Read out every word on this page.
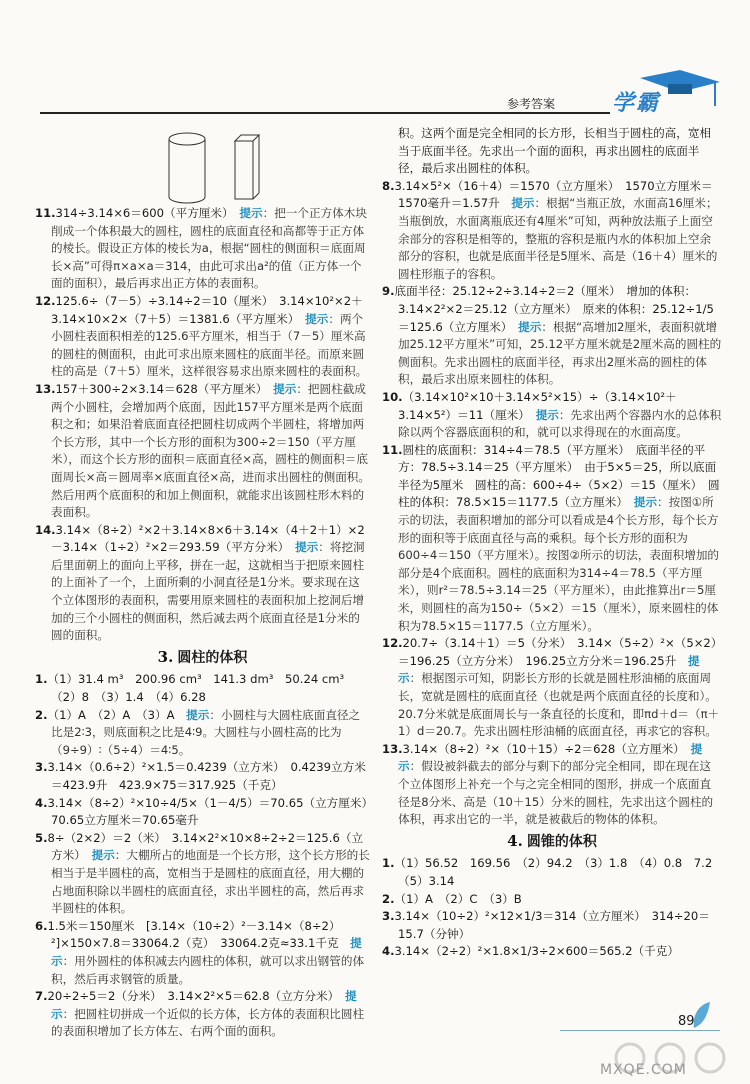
参考答案	学霸

11.314÷3.14×6＝600（平方厘米）　 提示：把一个正方体木块削成一个体积最大的圆柱，圆柱的底面直径和高都等于正方体的棱长。假设正方体的棱长为a，根据“圆柱的侧面积＝底面周长×高”可得π×a×a＝314，由此可求出a²的值（正方体一个面的面积），最后再求出正方体的表面积。

12.125.6÷（7－5）÷3.14÷2＝10（厘米）　3.14×10²×2＋3.14×10×2×（7＋5）＝1381.6（平方厘米）　 提示：两个小圆柱表面积相差的125.6平方厘米，相当于（7－5）厘米高的圆柱的侧面积，由此可求出原来圆柱的底面半径。而原来圆柱的高是（7＋5）厘米，这样很容易求出原来圆柱的表面积。

13.157＋300÷2×3.14＝628（平方厘米）　 提示：把圆柱截成两个小圆柱，会增加两个底面，因此157平方厘米是两个底面积之和；如果沿着底面直径把圆柱切成两个半圆柱，将增加两个长方形，其中一个长方形的面积为300÷2＝150（平方厘米），而这个长方形的面积＝底面直径×高，圆柱的侧面积＝底面周长×高＝圆周率×底面直径×高，进而求出圆柱的侧面积。然后用两个底面积的和加上侧面积，就能求出该圆柱形木料的表面积。

14.3.14×（8÷2）²×2＋3.14×8×6＋3.14×（4＋2＋1）×2－3.14×（1÷2）²×2＝293.59（平方分米）　 提示：将挖洞后里面朝上的面向上平移，拼在一起，这就相当于把原来圆柱的上面补了一个，上面所剩的小洞直径是1分米。要求现在这个立体图形的表面积，需要用原来圆柱的表面积加上挖洞后增加的三个小圆柱的侧面积，然后减去两个底面直径是1分米的圆的面积。

3. 圆柱的体积

1.（1）31.4 m³　200.96 cm³　141.3 dm³　50.24 cm³　（2）8　（3）1.4　（4）6.28

2.（1）A　（2）A　（3）A　 提示：小圆柱与大圆柱底面直径之比是2∶3，则底面积之比是4∶9。大圆柱与小圆柱高的比为（9÷9）∶（5÷4）＝4∶5。

3.3.14×（0.6÷2）²×1.5＝0.4239（立方米）　0.4239立方米＝423.9升　423.9×75＝317.925（千克）

4.3.14×（8÷2）²×10÷4/5×（1－4/5）＝70.65（立方厘米）　70.65立方厘米＝70.65毫升

5.8÷（2×2）＝2（米）　3.14×2²×10×8÷2÷2＝125.6（立方米）　 提示：大棚所占的地面是一个长方形，这个长方形的长相当于是半圆柱的高，宽相当于是圆柱的底面直径，用大棚的占地面积除以半圆柱的底面直径，求出半圆柱的高，然后再求半圆柱的体积。

6.1.5米＝150厘米　[3.14×（10÷2）²－3.14×（8÷2）²]×150×7.8＝33064.2（克）　33064.2克≈33.1千克　 提示：用外圆柱的体积减去内圆柱的体积，就可以求出钢管的体积，然后再求钢管的质量。

7.20÷2÷5＝2（分米）　3.14×2²×5＝62.8（立方分米）　 提示：把圆柱切拼成一个近似的长方体，长方体的表面积比圆柱的表面积增加了长方体左、右两个面的面积。

积。这两个面是完全相同的长方形，长相当于圆柱的高，宽相当于底面半径。先求出一个面的面积，再求出圆柱的底面半径，最后求出圆柱的体积。

8.3.14×5²×（16＋4）＝1570（立方厘米）　1570立方厘米＝1570毫升＝1.57升　 提示：根据“当瓶正放，水面高16厘米；当瓶倒放，水面离瓶底还有4厘米”可知，两种放法瓶子上面空余部分的容积是相等的，整瓶的容积是瓶内水的体积加上空余部分的容积，也就是底面半径是5厘米、高是（16＋4）厘米的圆柱形瓶子的容积。

9.底面半径：25.12÷2÷3.14÷2＝2（厘米）　增加的体积：3.14×2²×2＝25.12（立方厘米）　原来的体积：25.12÷1/5＝125.6（立方厘米）　 提示：根据“高增加2厘米，表面积就增加25.12平方厘米”可知，25.12平方厘米就是2厘米高的圆柱的侧面积。先求出圆柱的底面半径，再求出2厘米高的圆柱的体积，最后求出原来圆柱的体积。

10.（3.14×10²×10＋3.14×5²×15）÷（3.14×10²＋3.14×5²）＝11（厘米）　 提示：先求出两个容器内水的总体积除以两个容器底面积的和，就可以求得现在的水面高度。

11.圆柱的底面积：314÷4＝78.5（平方厘米）　底面半径的平方：78.5÷3.14＝25（平方厘米）　由于5×5＝25，所以底面半径为5厘米　圆柱的高：600÷4÷（5×2）＝15（厘米）　圆柱的体积：78.5×15＝1177.5（立方厘米）　 提示：按图①所示的切法，表面积增加的部分可以看成是4个长方形，每个长方形的面积等于底面直径与高的乘积。每个长方形的面积为600÷4＝150（平方厘米）。按图②所示的切法，表面积增加的部分是4个底面积。圆柱的底面积为314÷4＝78.5（平方厘米），则r²＝78.5÷3.14＝25（平方厘米），由此推算出r＝5厘米，则圆柱的高为150÷（5×2）＝15（厘米），原来圆柱的体积为78.5×15＝1177.5（立方厘米）。

12.20.7÷（3.14＋1）＝5（分米）　3.14×（5÷2）²×（5×2）＝196.25（立方分米）　196.25立方分米＝196.25升　 提示：根据图示可知，阴影长方形的长就是圆柱形油桶的底面周长，宽就是圆柱的底面直径（也就是两个底面直径的长度和）。20.7分米就是底面周长与一条直径的长度和，即πd＋d＝（π＋1）d＝20.7。先求出圆柱形油桶的底面直径，再求它的容积。

13.3.14×（8÷2）²×（10＋15）÷2＝628（立方厘米）　 提示：假设被斜截去的部分与剩下的部分完全相同，即在现在这个立体图形上补充一个与之完全相同的图形，拼成一个底面直径是8分米、高是（10＋15）分米的圆柱，先求出这个圆柱的体积，再求出它的一半，就是被截后的物体的体积。

4. 圆锥的体积

1.（1）56.52　169.56　（2）94.2　（3）1.8　（4）0.8　7.2　（5）3.14

2.（1）A　（2）C　（3）B

3.3.14×（10÷2）²×12×1/3＝314（立方厘米）　314÷20＝15.7（分钟）

4.3.14×（2÷2）²×1.8×1/3÷2×600＝565.2（千克）

89
MXQE.COM
